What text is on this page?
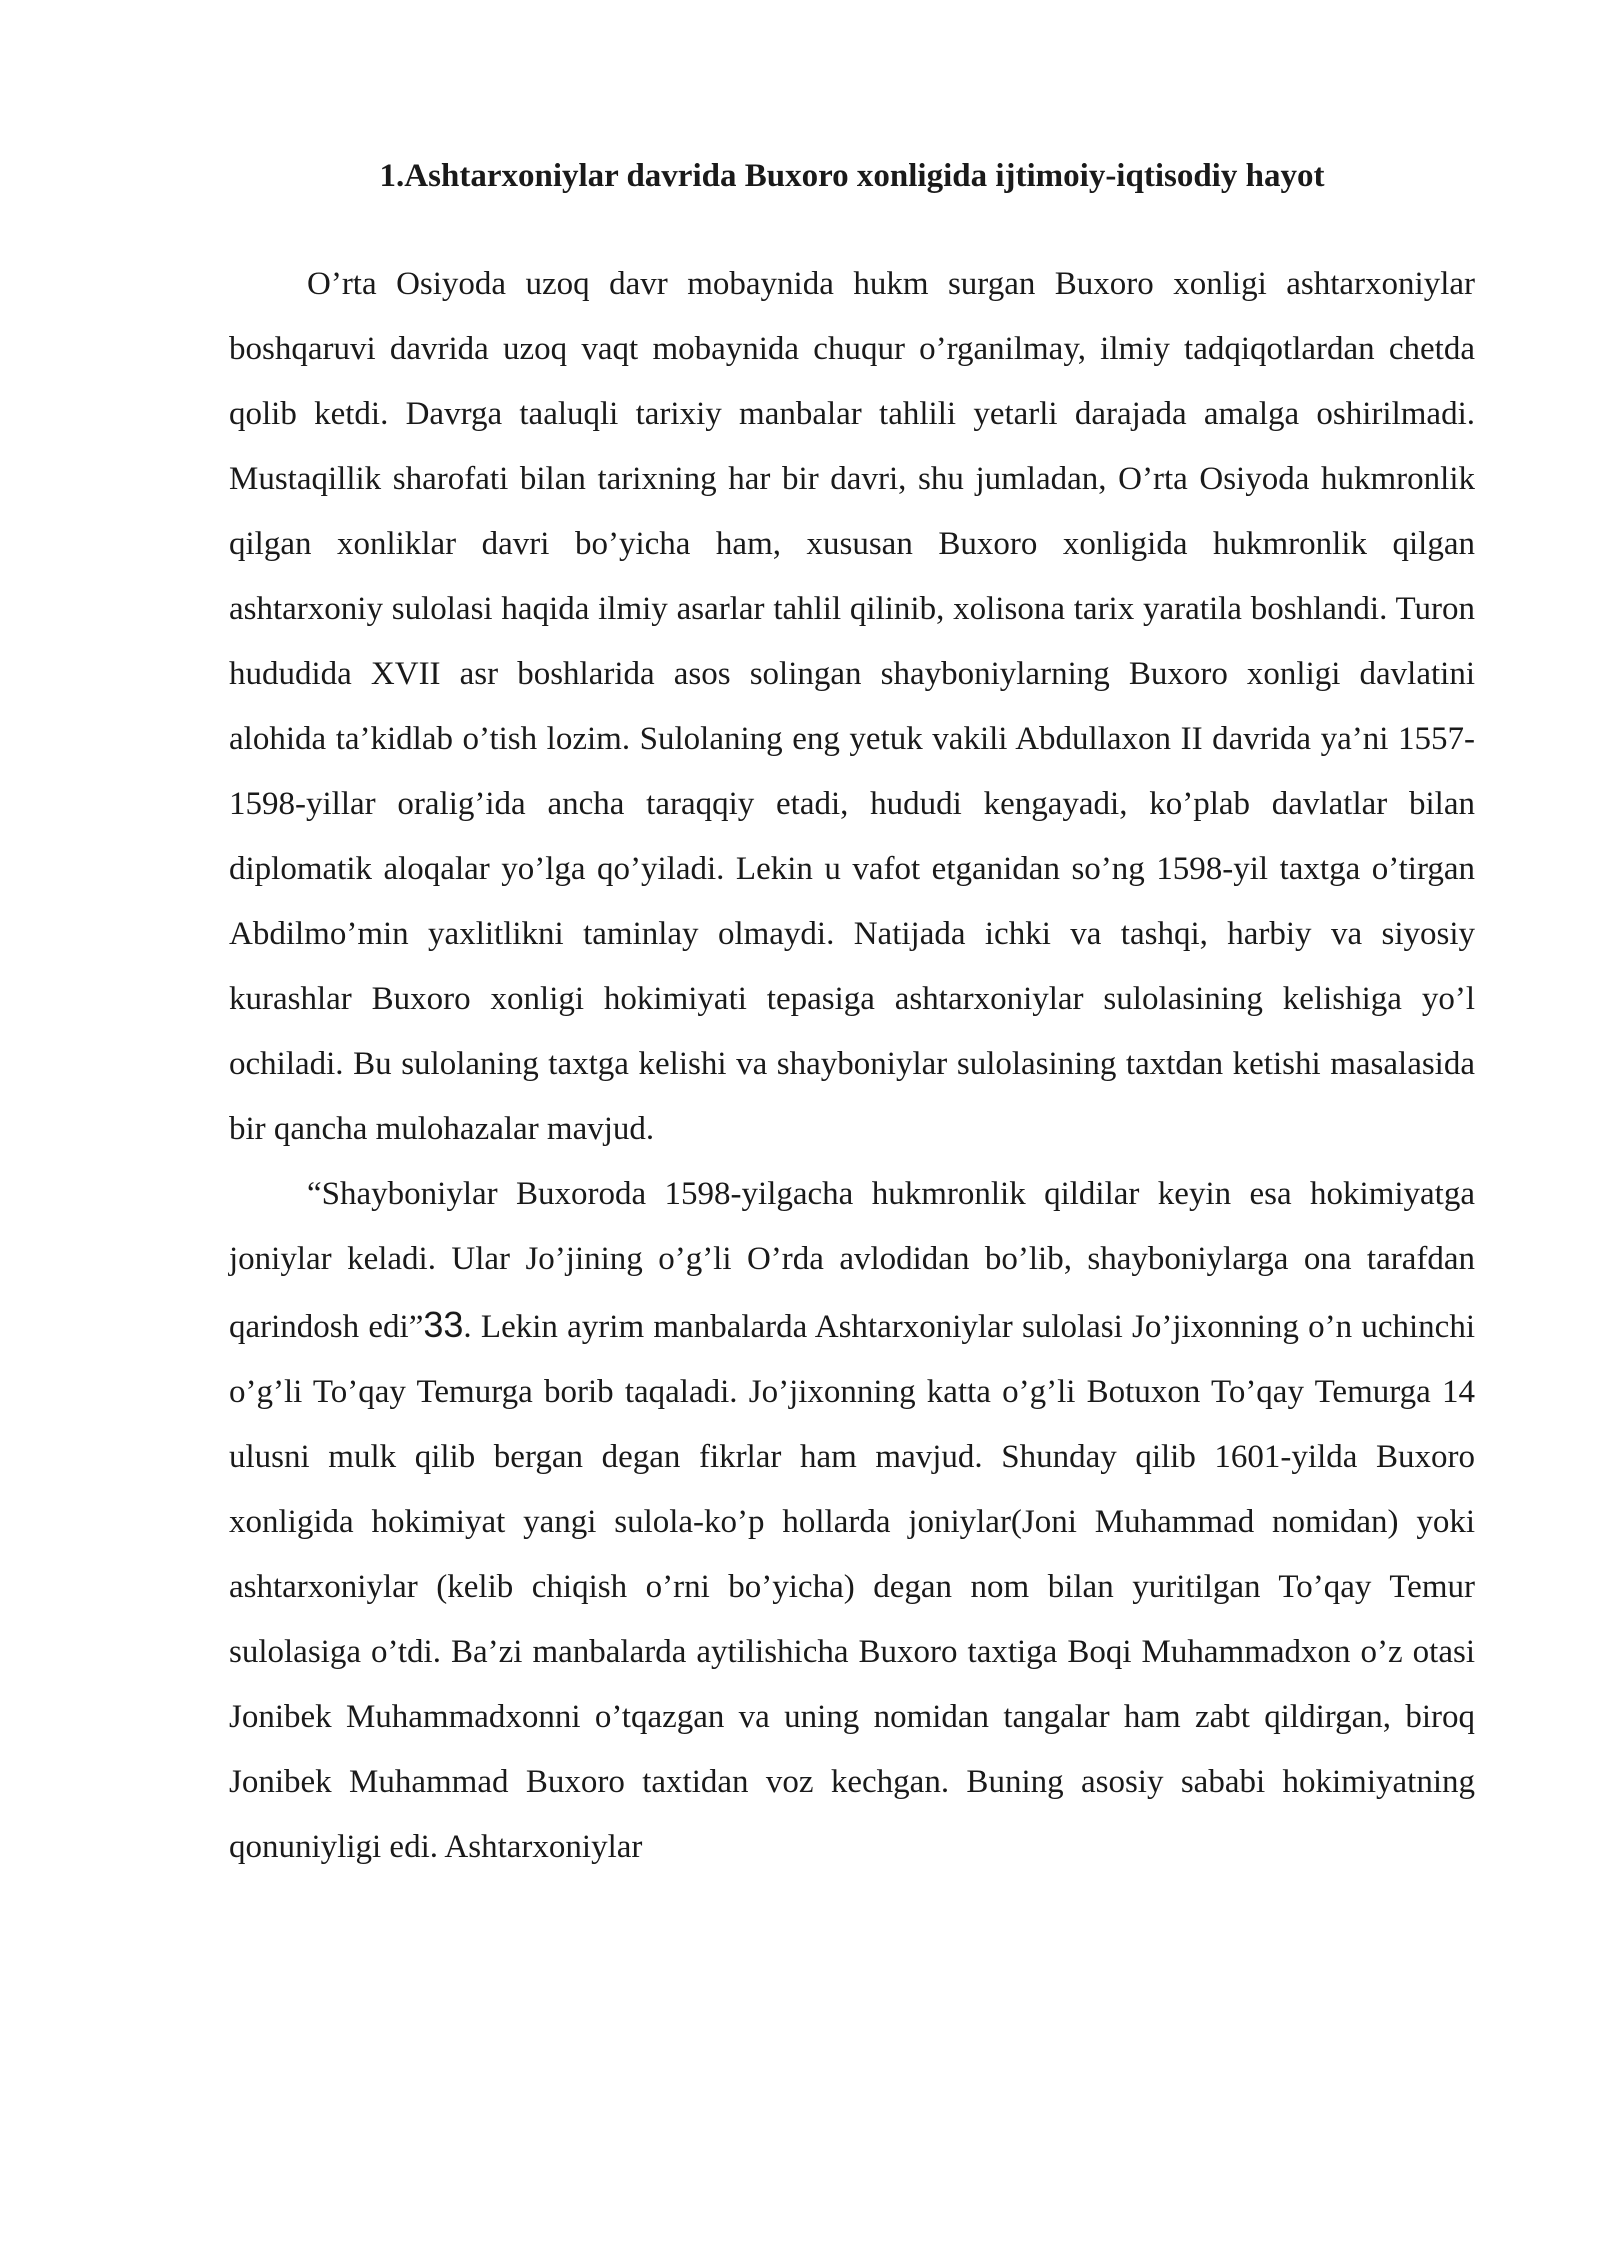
1.Ashtarxoniylar davrida Buxoro xonligida ijtimoiy-iqtisodiy hayot

O’rta Osiyoda uzoq davr mobaynida hukm surgan Buxoro xonligi ashtarxoniylar boshqaruvi davrida uzoq vaqt mobaynida chuqur o’rganilmay, ilmiy tadqiqotlardan chetda qolib ketdi. Davrga taaluqli tarixiy manbalar tahlili yetarli darajada amalga oshirilmadi. Mustaqillik sharofati bilan tarixning har bir davri, shu jumladan, O’rta Osiyoda hukmronlik qilgan xonliklar davri bo’yicha ham, xususan Buxoro xonligida hukmronlik qilgan ashtarxoniy sulolasi haqida ilmiy asarlar tahlil qilinib, xolisona tarix yaratila boshlandi. Turon hududida XVII asr boshlarida asos solingan shayboniylarning Buxoro xonligi davlatini alohida ta’kidlab o’tish lozim. Sulolaning eng yetuk vakili Abdullaxon II davrida ya’ni 1557-1598-yillar oralig’ida ancha taraqqiy etadi, hududi kengayadi, ko’plab davlatlar bilan diplomatik aloqalar yo’lga qo’yiladi. Lekin u vafot etganidan so’ng 1598-yil taxtga o’tirgan Abdilmo’min yaxlitlikni taminlay olmaydi. Natijada ichki va tashqi, harbiy va siyosiy kurashlar Buxoro xonligi hokimiyati tepasiga ashtarxoniylar sulolasining kelishiga yo’l ochiladi. Bu sulolaning taxtga kelishi va shayboniylar sulolasining taxtdan ketishi masalasida bir qancha mulohazalar mavjud.

“Shayboniylar Buxoroda 1598-yilgacha hukmronlik qildilar keyin esa hokimiyatga joniylar keladi. Ular Jo’jining o’g’li O’rda avlodidan bo’lib, shayboniylarga ona tarafdan qarindosh edi”33. Lekin ayrim manbalarda Ashtarxoniylar sulolasi Jo’jixonning o’n uchinchi o’g’li To’qay Temurga borib taqaladi. Jo’jixonning katta o’g’li Botuxon To’qay Temurga 14 ulusni mulk qilib bergan degan fikrlar ham mavjud. Shunday qilib 1601-yilda Buxoro xonligida hokimiyat yangi sulola-ko’p hollarda joniylar(Joni Muhammad nomidan) yoki ashtarxoniylar (kelib chiqish o’rni bo’yicha) degan nom bilan yuritilgan To’qay Temur sulolasiga o’tdi. Ba’zi manbalarda aytilishicha Buxoro taxtiga Boqi Muhammadxon o’z otasi Jonibek Muhammadxonni o’tqazgan va uning nomidan tangalar ham zabt qildirgan, biroq Jonibek Muhammad Buxoro taxtidan voz kechgan. Buning asosiy sababi hokimiyatning qonuniyligi edi. Ashtarxoniylar
